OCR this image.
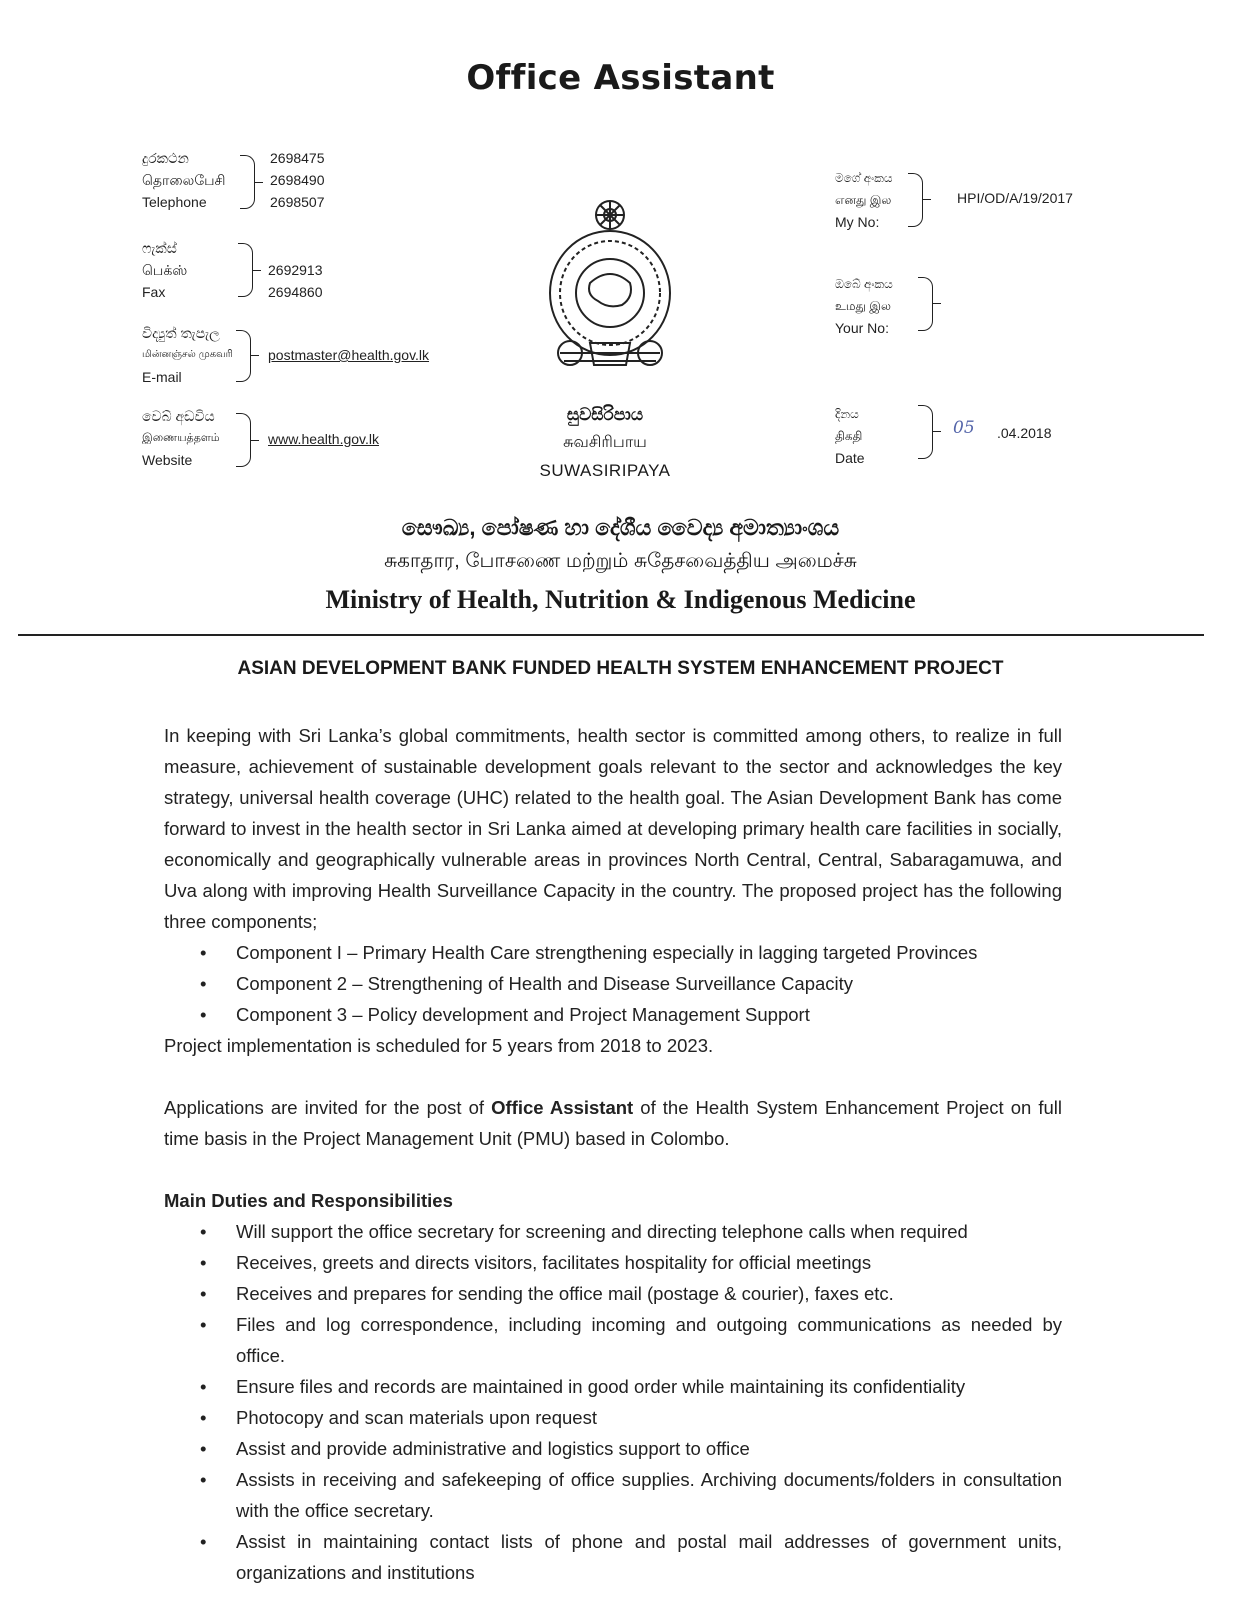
Office Assistant
දුරකථන
தொலைபேசி
Telephone
2698475
2698490
2698507
ෆැක්ස්
பெக்ஸ்
Fax
2692913
2694860
විද්‍යුත් තැපැල
மின்னஞ்சல் முகவரி
E-mail
postmaster@health.gov.lk
වෙබ් අඩවිය
இணையத்தளம்
Website
www.health.gov.lk
සුවසිරිපාය
சுவசிரிபாய
SUWASIRIPAYA
මගේ අංකය
எனது இல
My No:
HPI/OD/A/19/2017
ඔබේ අංකය
உமது இல
Your No:
දිනය
திகதி
Date
05 .04.2018
සෞඛ්‍ය, පෝෂණ හා දේශීය වෛද්‍ය අමාත්‍යාංශය
சுகாதார, போசணை மற்றும் சுதேசவைத்திய அமைச்சு
Ministry of Health, Nutrition & Indigenous Medicine
ASIAN DEVELOPMENT BANK FUNDED HEALTH SYSTEM ENHANCEMENT PROJECT

In keeping with Sri Lanka’s global commitments, health sector is committed among others, to realize in full measure, achievement of sustainable development goals relevant to the sector and acknowledges the key strategy, universal health coverage (UHC) related to the health goal. The Asian Development Bank has come forward to invest in the health sector in Sri Lanka aimed at developing primary health care facilities in socially, economically and geographically vulnerable areas in provinces North Central, Central, Sabaragamuwa, and Uva along with improving Health Surveillance Capacity in the country. The proposed project has the following three components;

• Component I – Primary Health Care strengthening especially in lagging targeted Provinces
• Component 2 – Strengthening of Health and Disease Surveillance Capacity
• Component 3 – Policy development and Project Management Support

Project implementation is scheduled for 5 years from 2018 to 2023.

Applications are invited for the post of Office Assistant of the Health System Enhancement Project on full time basis in the Project Management Unit (PMU) based in Colombo.

Main Duties and Responsibilities

• Will support the office secretary for screening and directing telephone calls when required
• Receives, greets and directs visitors, facilitates hospitality for official meetings
• Receives and prepares for sending the office mail (postage & courier), faxes etc.
• Files and log correspondence, including incoming and outgoing communications as needed by office.
• Ensure files and records are maintained in good order while maintaining its confidentiality
• Photocopy and scan materials upon request
• Assist and provide administrative and logistics support to office
• Assists in receiving and safekeeping of office supplies. Archiving documents/folders in consultation with the office secretary.
• Assist in maintaining contact lists of phone and postal mail addresses of government units, organizations and institutions
